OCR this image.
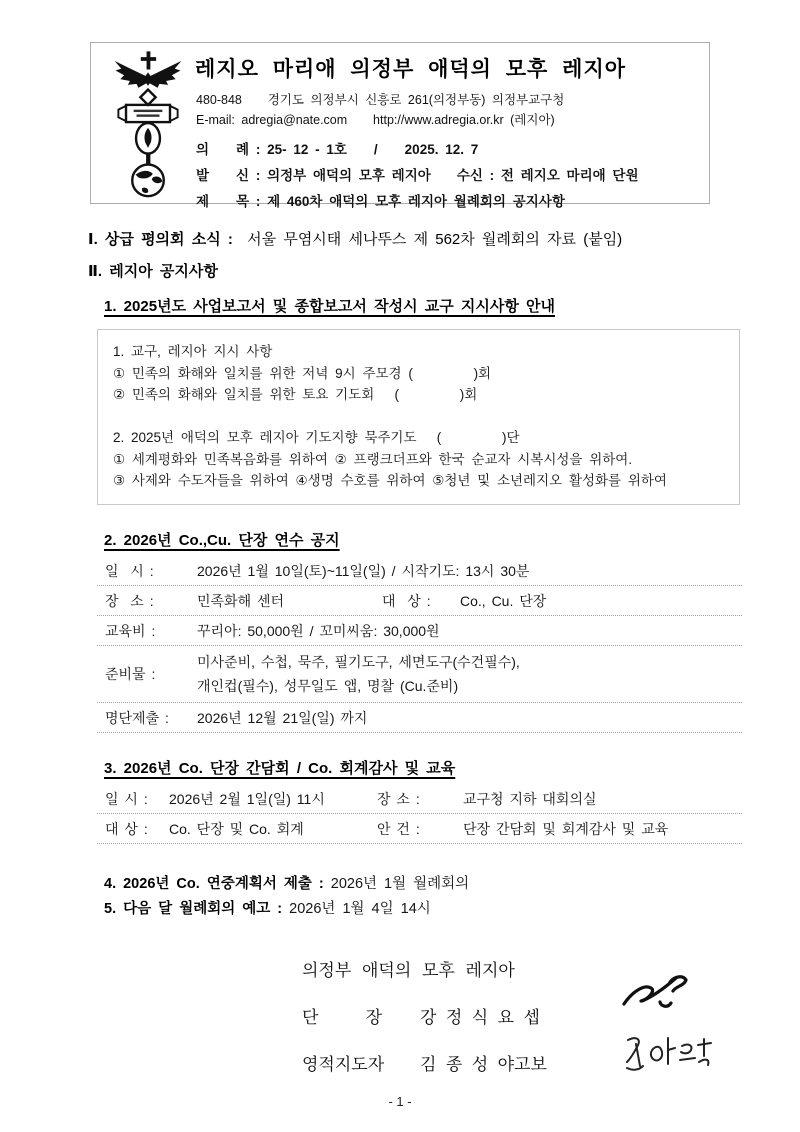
레지오 마리애 의정부 애덕의 모후 레지아
480-848    경기도 의정부시 신흥로 261(의정부동) 의정부교구청
E-mail: adregia@nate.com    http://www.adregia.or.kr (레지아)
의    례 : 25- 12 - 1호    /    2025. 12. 7
발    신 : 의정부 애덕의 모후 레지아 수신 : 전 레지오 마리애 단원
제    목 : 제 460차 애덕의 모후 레지아 월례회의 공지사항
Ⅰ. 상급 평의회 소식 :  서울 무염시태 세나뚜스 제 562차 월례회의 자료 (붙임)
Ⅱ. 레지아 공지사항
1. 2025년도 사업보고서 및 종합보고서 작성시 교구 지시사항 안내
1. 교구, 레지아 지시 사항
① 민족의 화해와 일치를 위한 저녁 9시 주모경 (         )회
② 민족의 화해와 일치를 위한 토요 기도회   (         )회
2. 2025년 애덕의 모후 레지아 기도지향 묵주기도   (         )단
① 세계평화와 민족복음화를 위하여 ② 프랭크더프와 한국 순교자 시복시성을 위하여.
③ 사제와 수도자들을 위하여 ④생명 수호를 위하여 ⑤청년 및 소년레지오 활성화를 위하여
2. 2026년 Co.,Cu. 단장 연수 공지
일  시 :	2026년 1월 10일(토)~11일(일) / 시작기도: 13시 30분
장  소 :	민족화해 센터	대  상 :	Co., Cu. 단장
교육비 :	꾸리아: 50,000원 / 꼬미씨움: 30,000원
준비물 :
미사준비, 수첩, 묵주, 필기도구, 세면도구(수건필수),
개인컵(필수), 성무일도 앱, 명찰 (Cu.준비)
명단제출 :	2026년 12월 21일(일) 까지
3. 2026년 Co. 단장 간담회 / Co. 회계감사 및 교육
일 시 :	2026년 2월 1일(일) 11시	장 소 :	교구청 지하 대회의실
대 상 :	Co. 단장 및 Co. 회계	안 건 :	단장 간담회 및 회계감사 및 교육
4. 2026년 Co. 연중계획서 제출 : 2026년 1월 월례회의
5. 다음 달 월례회의 예고 : 2026년 1월 4일 14시
의정부 애덕의 모후 레지아
단          장	강  정  식  요  셉
영적지도자	김  종  성  야고보
- 1 -
